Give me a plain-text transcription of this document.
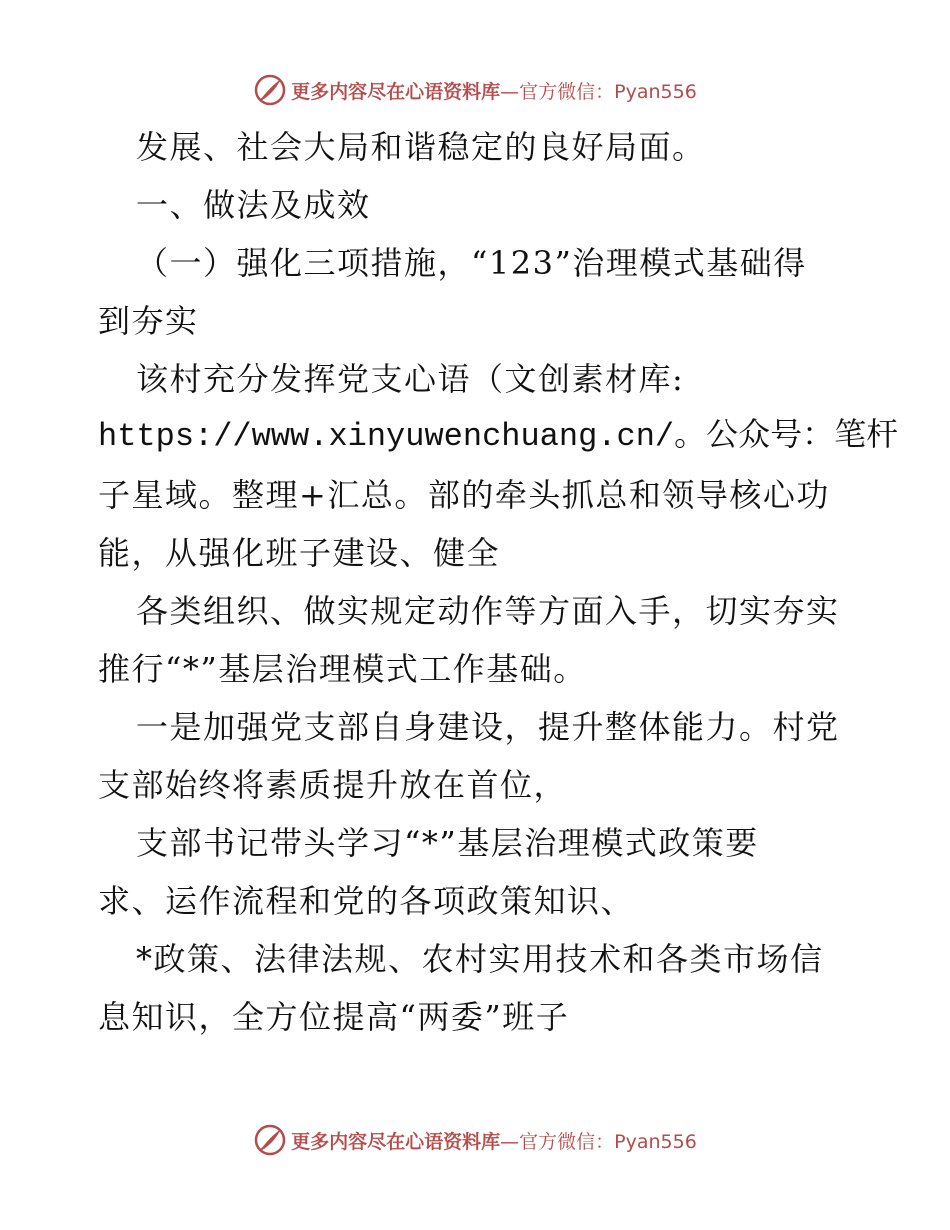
更多内容尽在心语资料库 —官方微信：Pyan556
发展、社会大局和谐稳定的良好局面。
一、做法及成效
（一）强化三项措施，“123”治理模式基础得
到夯实
该村充分发挥党支心语（文创素材库:
https://www.xinyuwenchuang.cn/。公众号：笔杆
子星域。整理+汇总。部的牵头抓总和领导核心功
能，从强化班子建设、健全
各类组织、做实规定动作等方面入手，切实夯实
推行“*”基层治理模式工作基础。
一是加强党支部自身建设，提升整体能力。村党
支部始终将素质提升放在首位，
支部书记带头学习“*”基层治理模式政策要
求、运作流程和党的各项政策知识、
*政策、法律法规、农村实用技术和各类市场信
息知识，全方位提高“两委”班子
更多内容尽在心语资料库 —官方微信：Pyan556
